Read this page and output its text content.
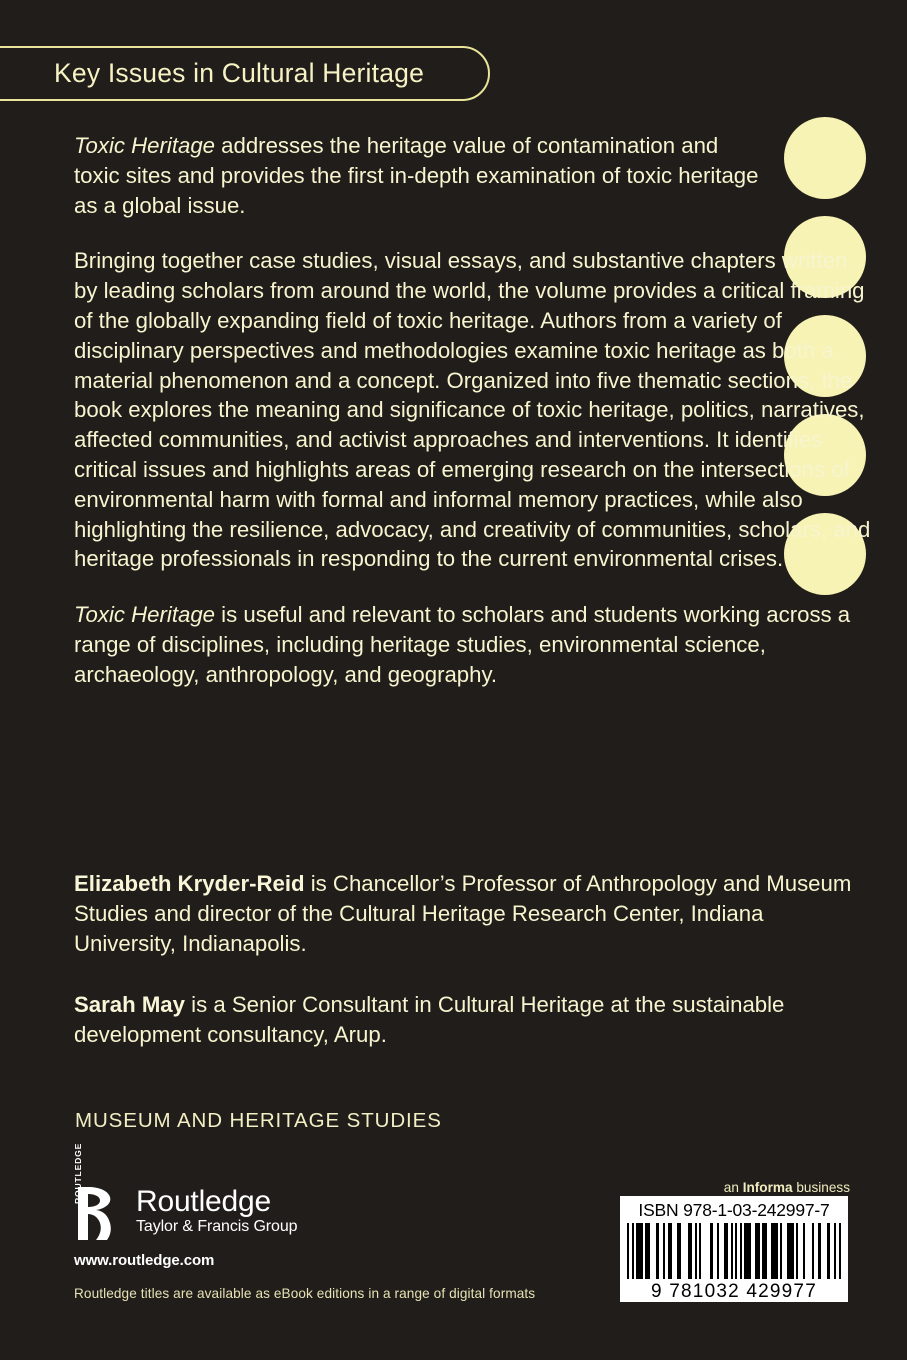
Key Issues in Cultural Heritage

Toxic Heritage addresses the heritage value of contamination and toxic sites and provides the first in-depth examination of toxic heritage as a global issue.

Bringing together case studies, visual essays, and substantive chapters written by leading scholars from around the world, the volume provides a critical framing of the globally expanding field of toxic heritage. Authors from a variety of disciplinary perspectives and methodologies examine toxic heritage as both a material phenomenon and a concept. Organized into five thematic sections, the book explores the meaning and significance of toxic heritage, politics, narratives, affected communities, and activist approaches and interventions. It identifies critical issues and highlights areas of emerging research on the intersections of environmental harm with formal and informal memory practices, while also highlighting the resilience, advocacy, and creativity of communities, scholars, and heritage professionals in responding to the current environmental crises.

Toxic Heritage is useful and relevant to scholars and students working across a range of disciplines, including heritage studies, environmental science, archaeology, anthropology, and geography.

Elizabeth Kryder-Reid is Chancellor’s Professor of Anthropology and Museum Studies and director of the Cultural Heritage Research Center, Indiana University, Indianapolis.

Sarah May is a Senior Consultant in Cultural Heritage at the sustainable development consultancy, Arup.

MUSEUM AND HERITAGE STUDIES
ROUTLEDGE Routledge
Taylor & Francis Group
www.routledge.com
Routledge titles are available as eBook editions in a range of digital formats
an Informa business
ISBN 978-1-03-242997-7
9 781032 429977
